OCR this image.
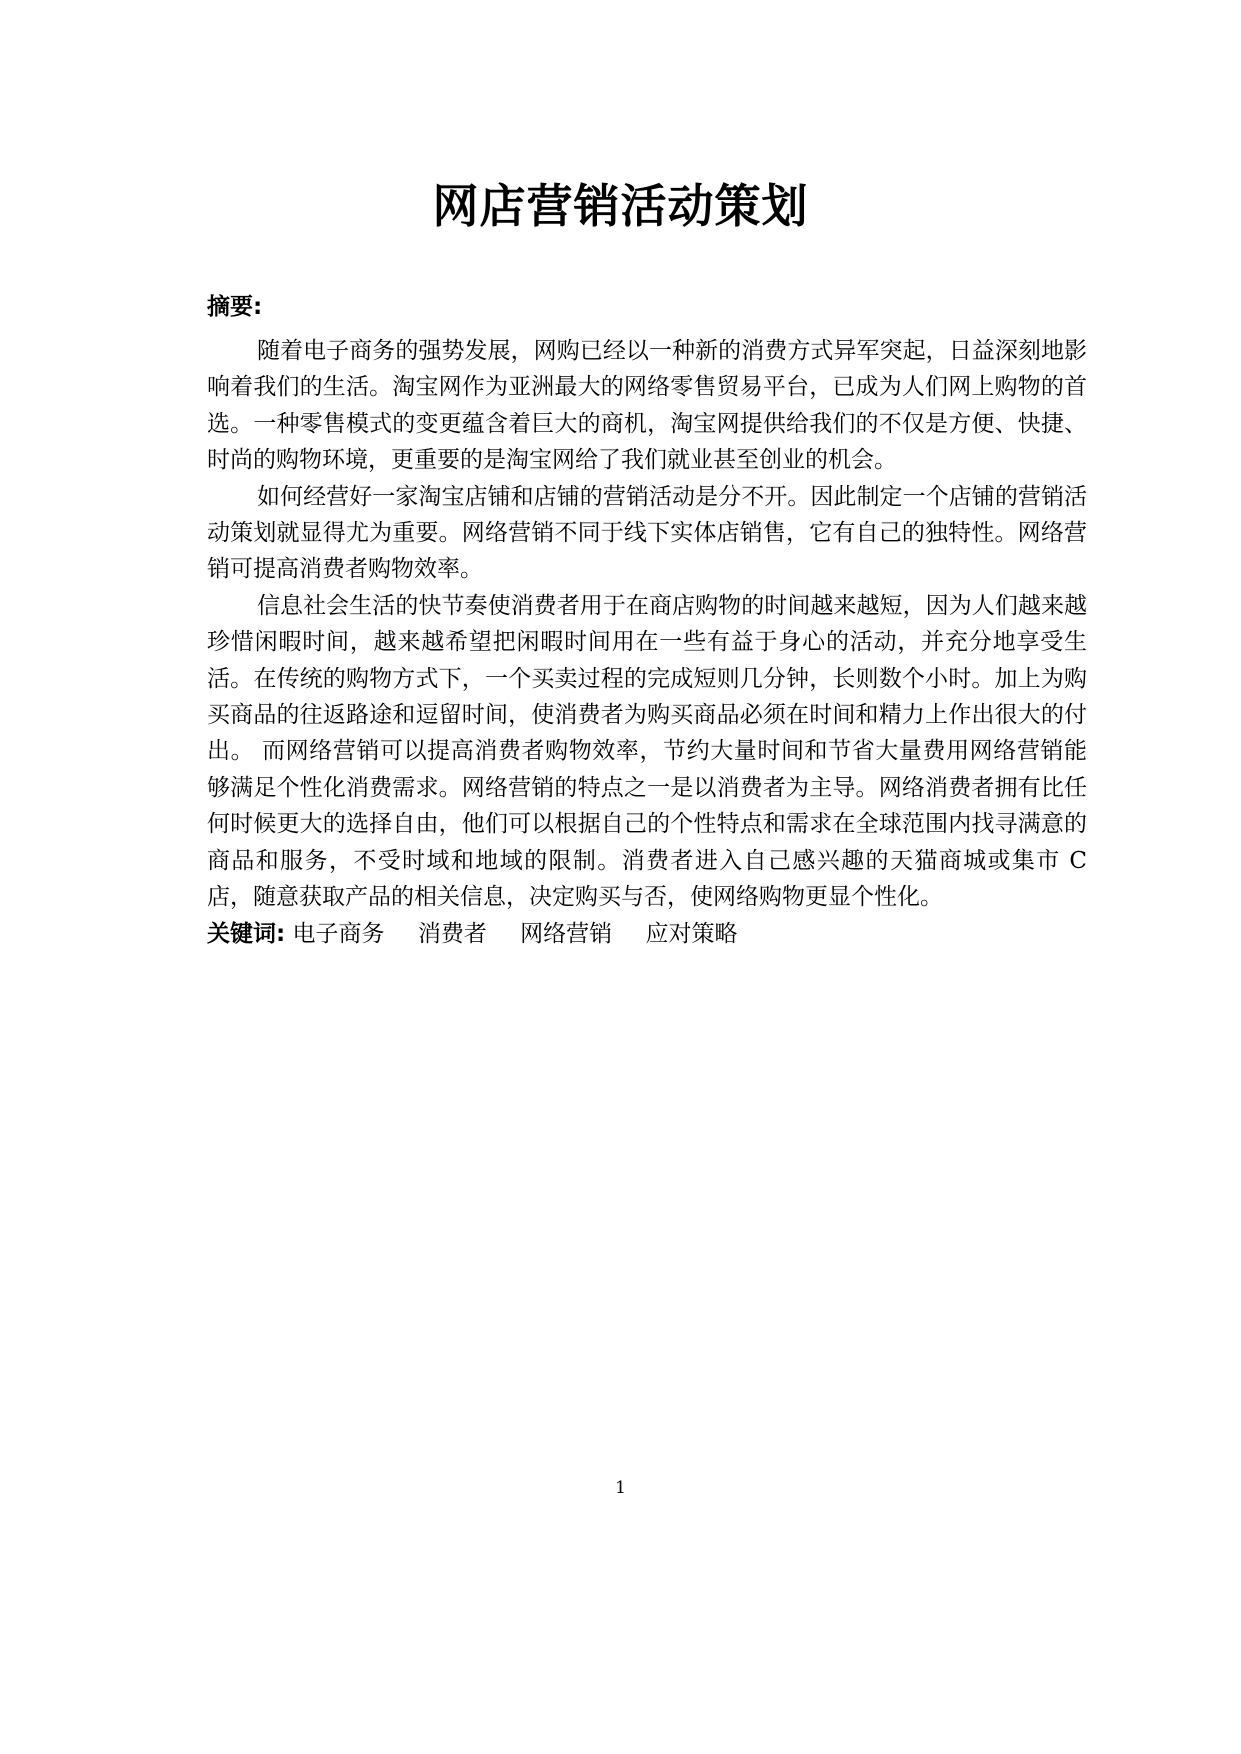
网店营销活动策划

摘要:

随着电子商务的强势发展，网购已经以一种新的消费方式异军突起，日益深刻地影响着我们的生活。淘宝网作为亚洲最大的网络零售贸易平台，已成为人们网上购物的首选。一种零售模式的变更蕴含着巨大的商机，淘宝网提供给我们的不仅是方便、快捷、时尚的购物环境，更重要的是淘宝网给了我们就业甚至创业的机会。

如何经营好一家淘宝店铺和店铺的营销活动是分不开。因此制定一个店铺的营销活动策划就显得尤为重要。网络营销不同于线下实体店销售，它有自己的独特性。网络营销可提高消费者购物效率。

信息社会生活的快节奏使消费者用于在商店购物的时间越来越短，因为人们越来越珍惜闲暇时间，越来越希望把闲暇时间用在一些有益于身心的活动，并充分地享受生活。在传统的购物方式下，一个买卖过程的完成短则几分钟，长则数个小时。加上为购买商品的往返路途和逗留时间，使消费者为购买商品必须在时间和精力上作出很大的付出。 而网络营销可以提高消费者购物效率，节约大量时间和节省大量费用网络营销能够满足个性化消费需求。网络营销的特点之一是以消费者为主导。网络消费者拥有比任何时候更大的选择自由，他们可以根据自己的个性特点和需求在全球范围内找寻满意的商品和服务，不受时域和地域的限制。消费者进入自己感兴趣的天猫商城或集市 C 店，随意获取产品的相关信息，决定购买与否，使网络购物更显个性化。

关键词: 电子商务 消费者 网络营销 应对策略

1
